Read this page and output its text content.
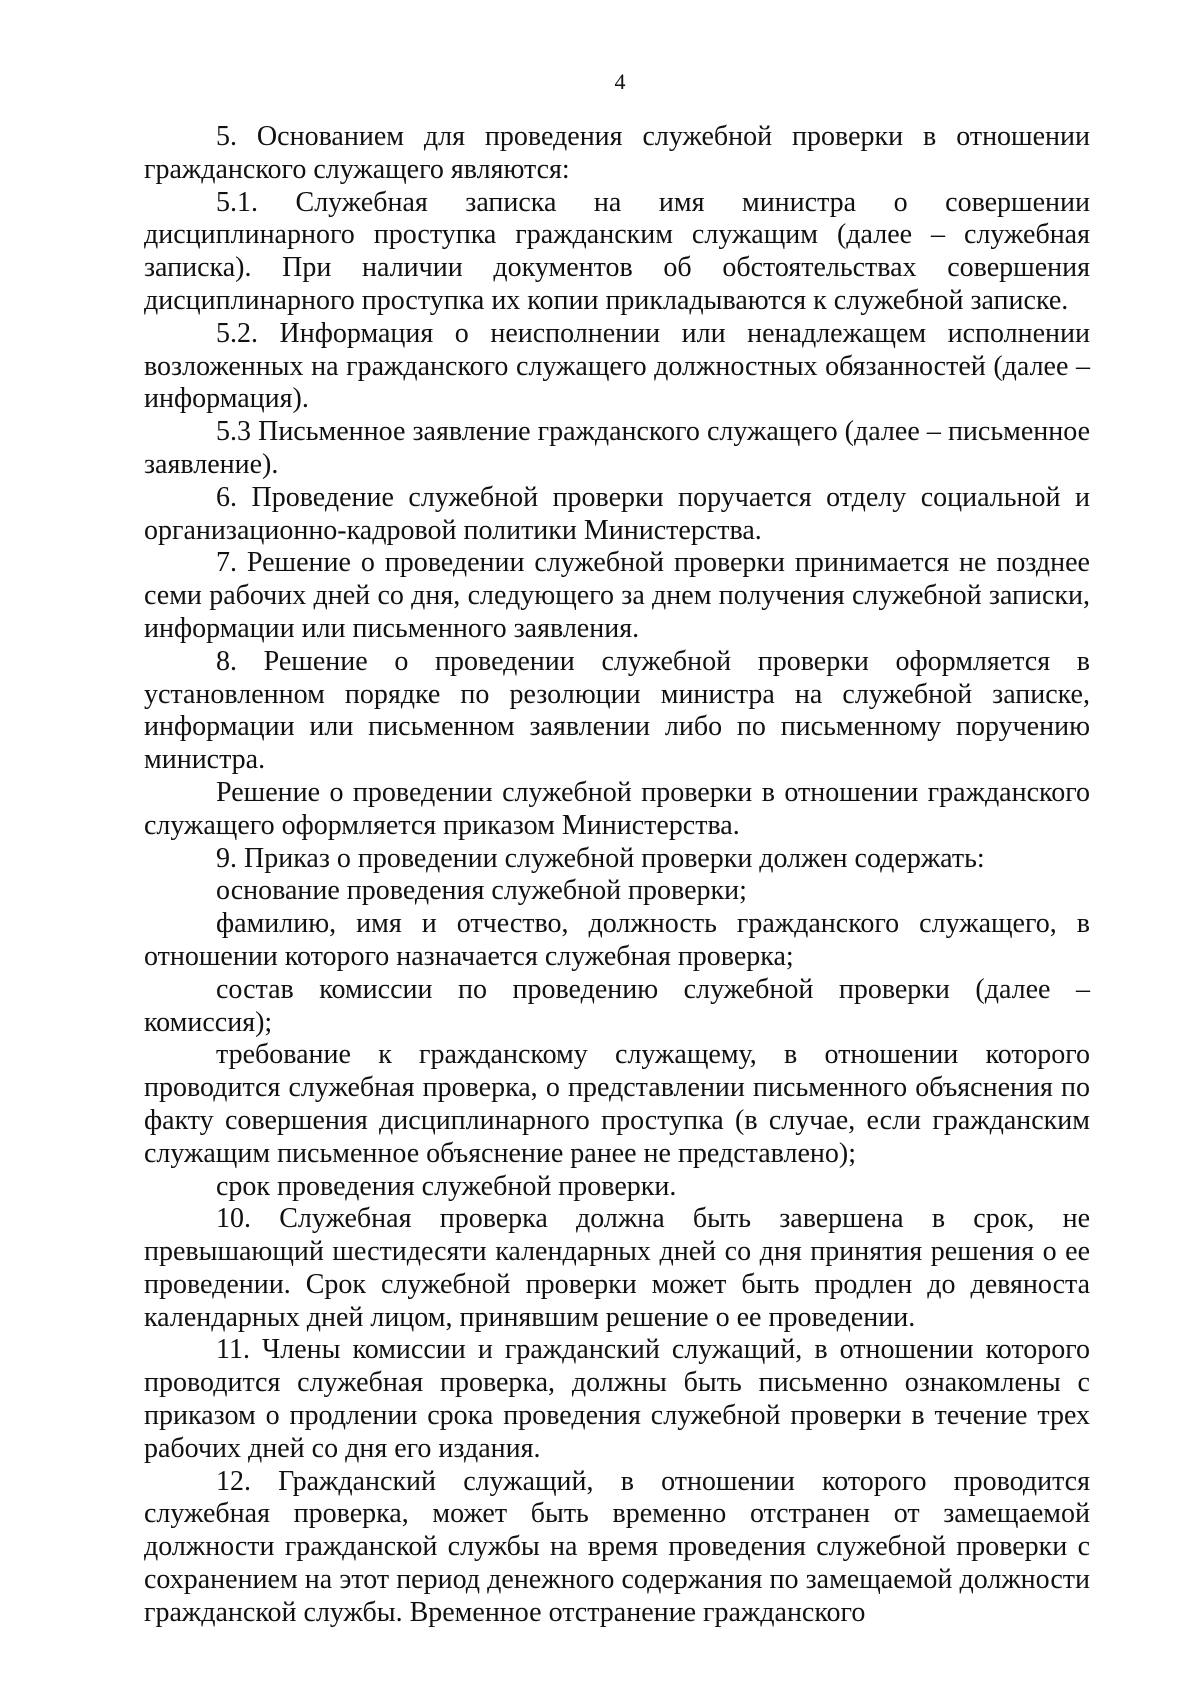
4

5. Основанием для проведения служебной проверки в отношении гражданского служащего являются:

5.1. Служебная записка на имя министра о совершении дисциплинарного проступка гражданским служащим (далее – служебная записка). При наличии документов об обстоятельствах совершения дисциплинарного проступка их копии прикладываются к служебной записке.

5.2. Информация о неисполнении или ненадлежащем исполнении возложенных на гражданского служащего должностных обязанностей (далее – информация).

5.3 Письменное заявление гражданского служащего (далее – письменное заявление).

6. Проведение служебной проверки поручается отделу социальной и организационно-кадровой политики Министерства.

7. Решение о проведении служебной проверки принимается не позднее семи рабочих дней со дня, следующего за днем получения служебной записки, информации или письменного заявления.

8. Решение о проведении служебной проверки оформляется в установленном порядке по резолюции министра на служебной записке, информации или письменном заявлении либо по письменному поручению министра.

Решение о проведении служебной проверки в отношении гражданского служащего оформляется приказом Министерства.

9. Приказ о проведении служебной проверки должен содержать:

основание проведения служебной проверки;

фамилию, имя и отчество, должность гражданского служащего, в отношении которого назначается служебная проверка;

состав комиссии по проведению служебной проверки (далее – комиссия);

требование к гражданскому служащему, в отношении которого проводится служебная проверка, о представлении письменного объяснения по факту совершения дисциплинарного проступка (в случае, если гражданским служащим письменное объяснение ранее не представлено);

срок проведения служебной проверки.

10. Служебная проверка должна быть завершена в срок, не превышающий шестидесяти календарных дней со дня принятия решения о ее проведении. Срок служебной проверки может быть продлен до девяноста календарных дней лицом, принявшим решение о ее проведении.

11. Члены комиссии и гражданский служащий, в отношении которого проводится служебная проверка, должны быть письменно ознакомлены с приказом о продлении срока проведения служебной проверки в течение трех рабочих дней со дня его издания.

12. Гражданский служащий, в отношении которого проводится служебная проверка, может быть временно отстранен от замещаемой должности гражданской службы на время проведения служебной проверки с сохранением на этот период денежного содержания по замещаемой должности гражданской службы. Временное отстранение гражданского
